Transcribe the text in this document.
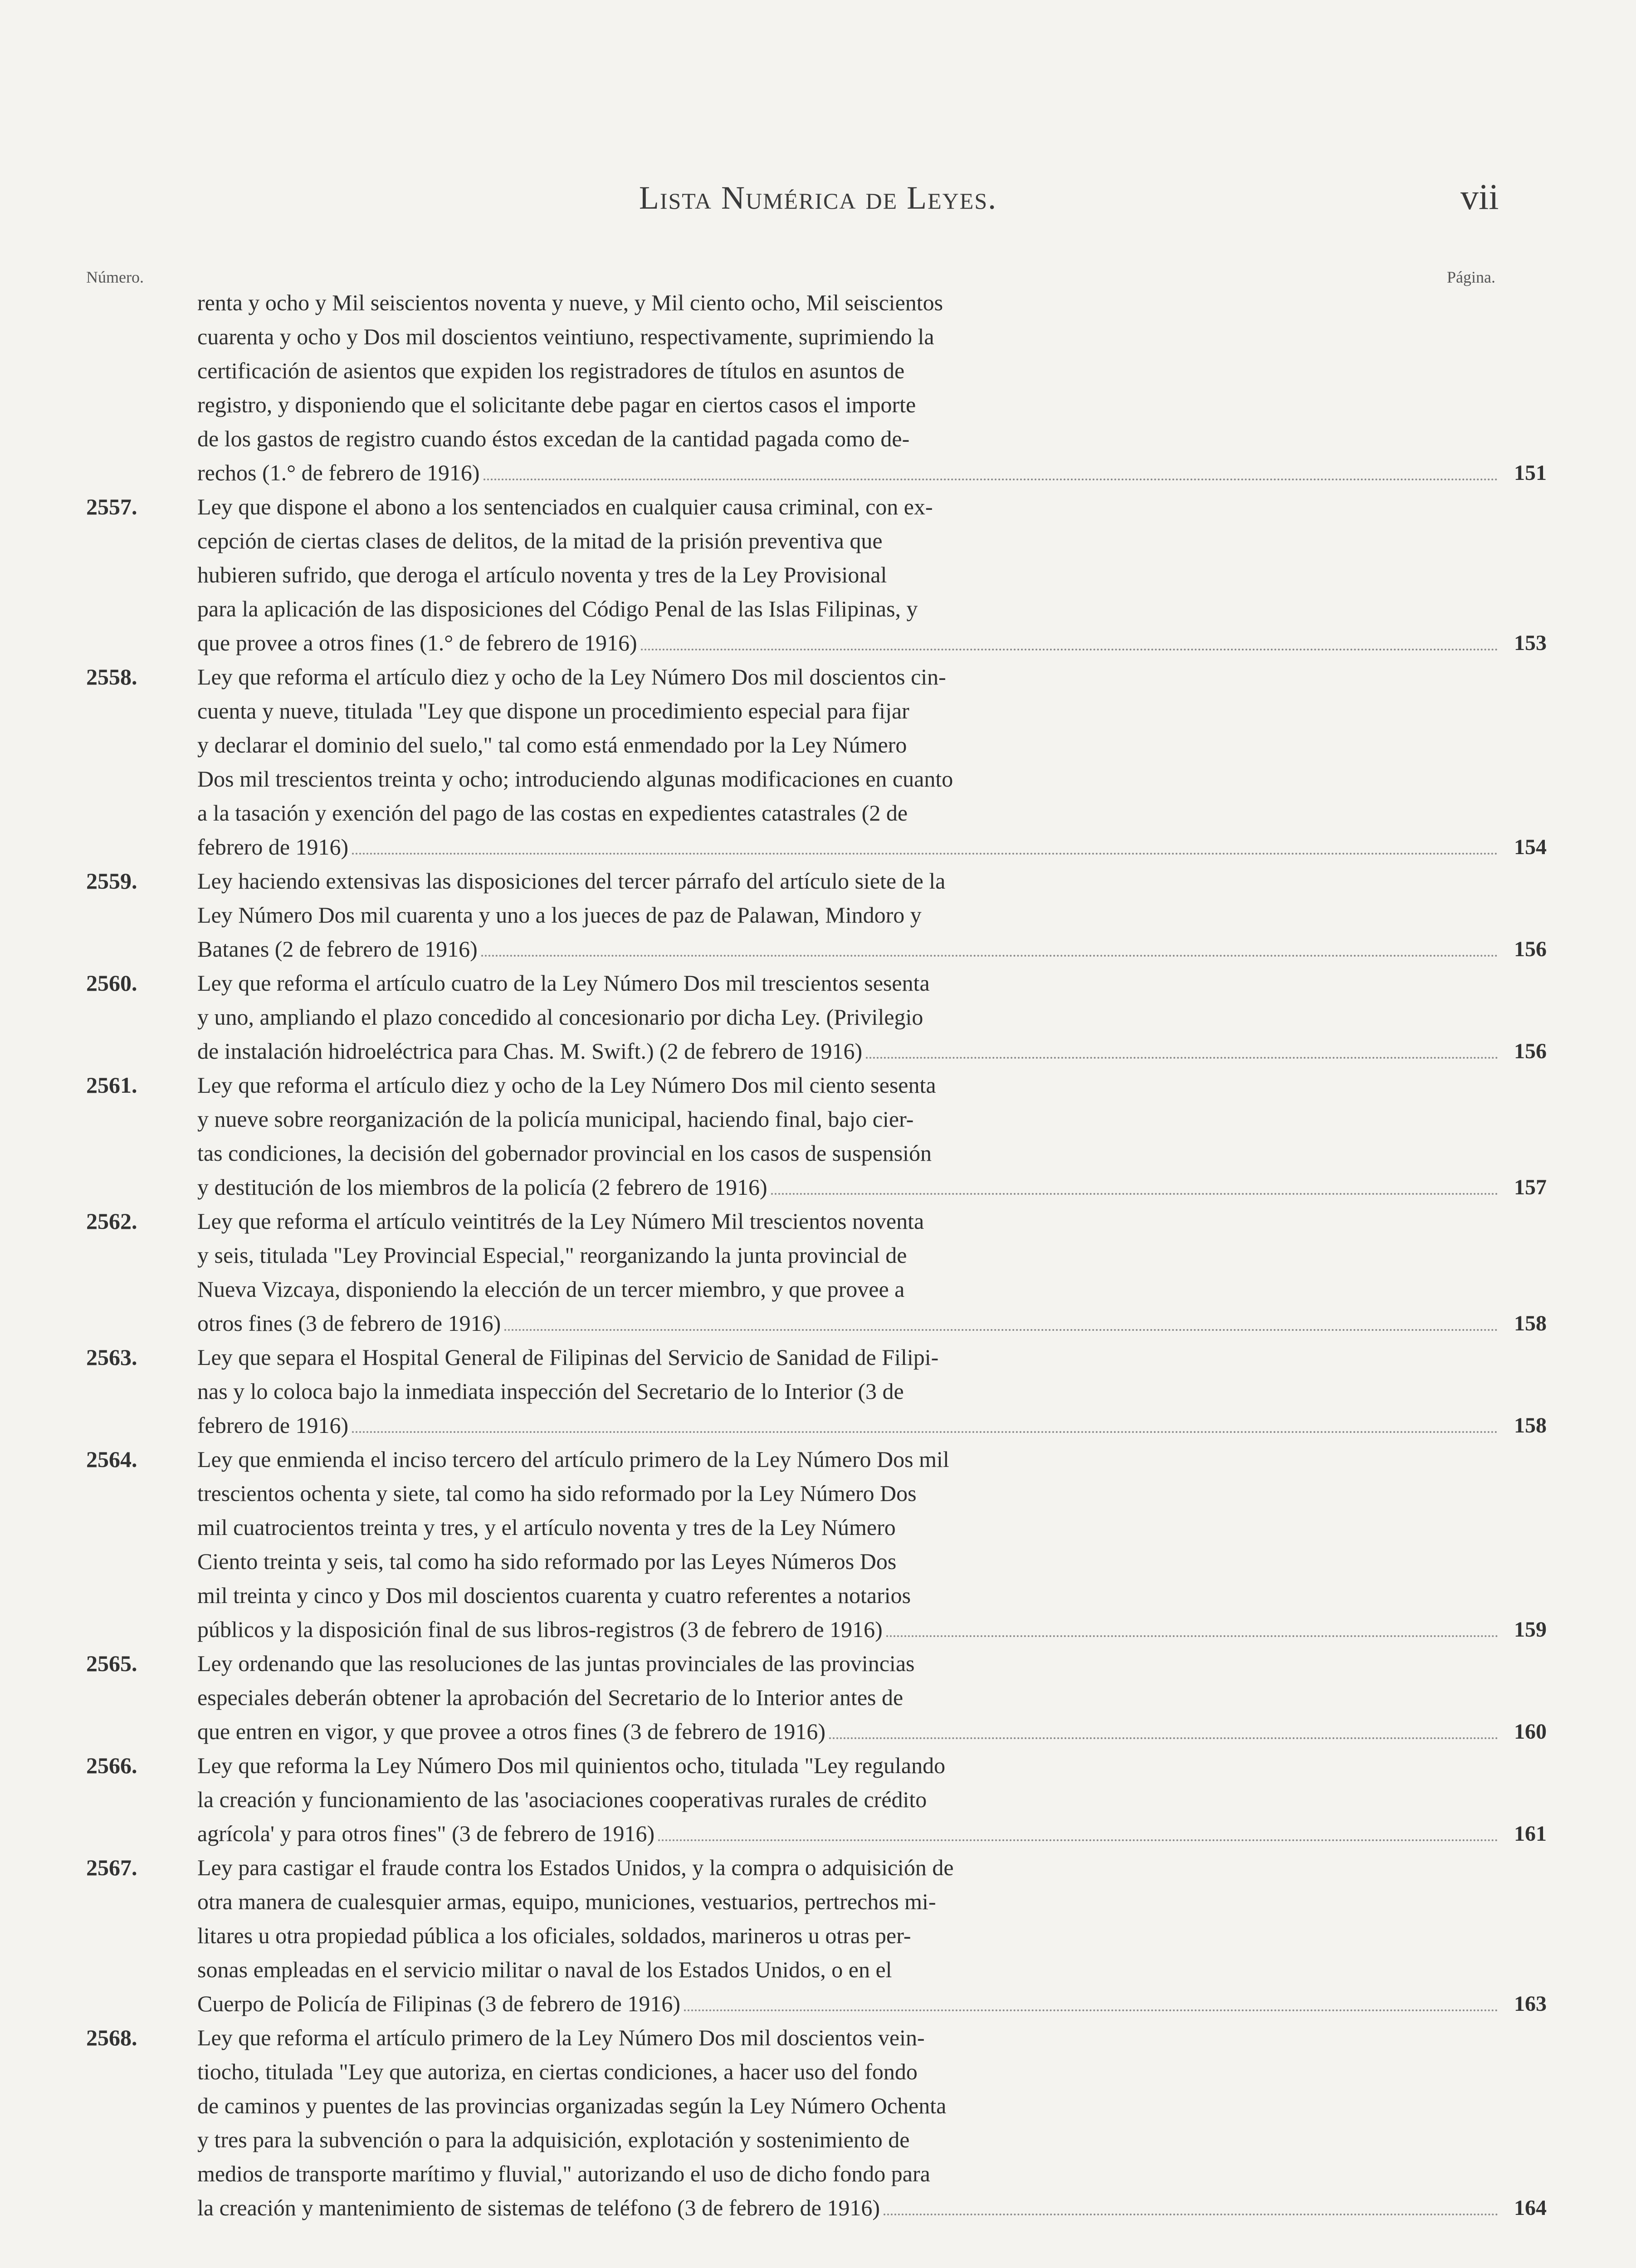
Lista Numérica de Leyes.	vii
Número.	Página.
renta y ocho y Mil seiscientos noventa y nueve, y Mil ciento ocho, Mil seiscientos
cuarenta y ocho y Dos mil doscientos veintiuno, respectivamente, suprimiendo la
certificación de asientos que expiden los registradores de títulos en asuntos de
registro, y disponiendo que el solicitante debe pagar en ciertos casos el importe
de los gastos de registro cuando éstos excedan de la cantidad pagada como de-
rechos (1.° de febrero de 1916)	151
2557.	Ley que dispone el abono a los sentenciados en cualquier causa criminal, con ex-
cepción de ciertas clases de delitos, de la mitad de la prisión preventiva que
hubieren sufrido, que deroga el artículo noventa y tres de la Ley Provisional
para la aplicación de las disposiciones del Código Penal de las Islas Filipinas, y
que provee a otros fines (1.° de febrero de 1916)	153
2558.	Ley que reforma el artículo diez y ocho de la Ley Número Dos mil doscientos cin-
cuenta y nueve, titulada "Ley que dispone un procedimiento especial para fijar
y declarar el dominio del suelo," tal como está enmendado por la Ley Número
Dos mil trescientos treinta y ocho; introduciendo algunas modificaciones en cuanto
a la tasación y exención del pago de las costas en expedientes catastrales (2 de
febrero de 1916)	154
2559.	Ley haciendo extensivas las disposiciones del tercer párrafo del artículo siete de la
Ley Número Dos mil cuarenta y uno a los jueces de paz de Palawan, Mindoro y
Batanes (2 de febrero de 1916)	156
2560.	Ley que reforma el artículo cuatro de la Ley Número Dos mil trescientos sesenta
y uno, ampliando el plazo concedido al concesionario por dicha Ley. (Privilegio
de instalación hidroeléctrica para Chas. M. Swift.) (2 de febrero de 1916)	156
2561.	Ley que reforma el artículo diez y ocho de la Ley Número Dos mil ciento sesenta
y nueve sobre reorganización de la policía municipal, haciendo final, bajo cier-
tas condiciones, la decisión del gobernador provincial en los casos de suspensión
y destitución de los miembros de la policía (2 febrero de 1916)	157
2562.	Ley que reforma el artículo veintitrés de la Ley Número Mil trescientos noventa
y seis, titulada "Ley Provincial Especial," reorganizando la junta provincial de
Nueva Vizcaya, disponiendo la elección de un tercer miembro, y que provee a
otros fines (3 de febrero de 1916)	158
2563.	Ley que separa el Hospital General de Filipinas del Servicio de Sanidad de Filipi-
nas y lo coloca bajo la inmediata inspección del Secretario de lo Interior (3 de
febrero de 1916)	158
2564.	Ley que enmienda el inciso tercero del artículo primero de la Ley Número Dos mil
trescientos ochenta y siete, tal como ha sido reformado por la Ley Número Dos
mil cuatrocientos treinta y tres, y el artículo noventa y tres de la Ley Número
Ciento treinta y seis, tal como ha sido reformado por las Leyes Números Dos
mil treinta y cinco y Dos mil doscientos cuarenta y cuatro referentes a notarios
públicos y la disposición final de sus libros-registros (3 de febrero de 1916)	159
2565.	Ley ordenando que las resoluciones de las juntas provinciales de las provincias
especiales deberán obtener la aprobación del Secretario de lo Interior antes de
que entren en vigor, y que provee a otros fines (3 de febrero de 1916)	160
2566.	Ley que reforma la Ley Número Dos mil quinientos ocho, titulada "Ley regulando
la creación y funcionamiento de las 'asociaciones cooperativas rurales de crédito
agrícola' y para otros fines" (3 de febrero de 1916)	161
2567.	Ley para castigar el fraude contra los Estados Unidos, y la compra o adquisición de
otra manera de cualesquier armas, equipo, municiones, vestuarios, pertrechos mi-
litares u otra propiedad pública a los oficiales, soldados, marineros u otras per-
sonas empleadas en el servicio militar o naval de los Estados Unidos, o en el
Cuerpo de Policía de Filipinas (3 de febrero de 1916)	163
2568.	Ley que reforma el artículo primero de la Ley Número Dos mil doscientos vein-
tiocho, titulada "Ley que autoriza, en ciertas condiciones, a hacer uso del fondo
de caminos y puentes de las provincias organizadas según la Ley Número Ochenta
y tres para la subvención o para la adquisición, explotación y sostenimiento de
medios de transporte marítimo y fluvial," autorizando el uso de dicho fondo para
la creación y mantenimiento de sistemas de teléfono (3 de febrero de 1916)	164
